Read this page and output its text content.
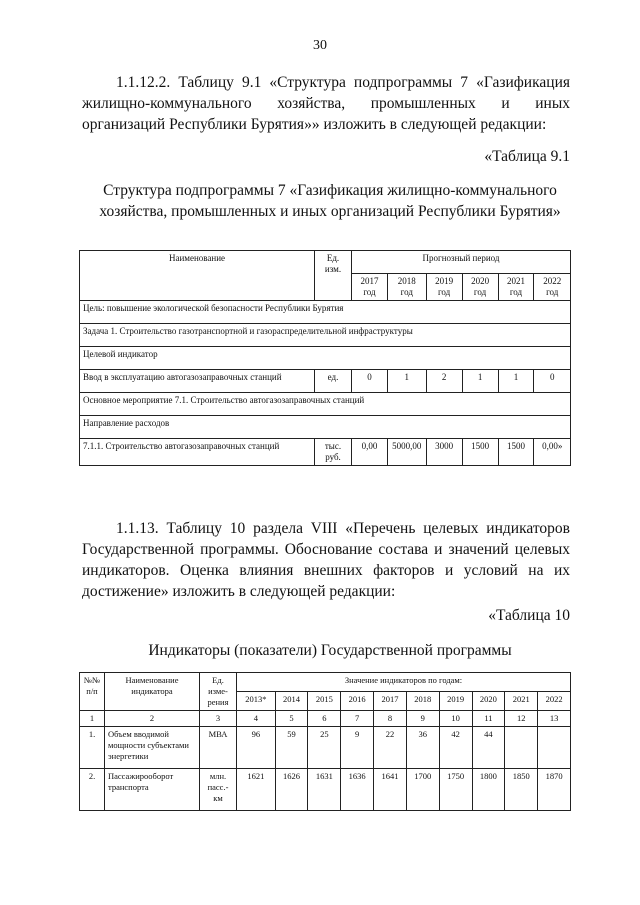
30
1.1.12.2. Таблицу 9.1 «Структура подпрограммы 7 «Газификация жилищно-коммунального хозяйства, промышленных и иных организаций Республики Бурятия»» изложить в следующей редакции:
«Таблица 9.1
Структура подпрограммы 7 «Газификация жилищно-коммунального хозяйства, промышленных и иных организаций Республики Бурятия»
Наименование	Ед. изм.	Прогнозный период					
		2017 год	2018 год	2019 год	2020 год	2021 год	2022 год
Цель: повышение экологической безопасности Республики Бурятия							
Задача 1. Строительство газотранспортной и газораспределительной инфраструктуры							
Целевой индикатор							
Ввод в эксплуатацию автогазозаправочных станций	ед.	0	1	2	1	1	0
Основное мероприятие 7.1. Строительство автогазозаправочных станций							
Направление расходов							
7.1.1. Строительство автогазозаправочных станций	тыс. руб.	0,00	5000,00	3000	1500	1500	0,00»
1.1.13. Таблицу 10 раздела VIII «Перечень целевых индикаторов Государственной программы. Обоснование состава и значений целевых индикаторов. Оценка влияния внешних факторов и условий на их достижение» изложить в следующей редакции:
«Таблица 10
Индикаторы (показатели) Государственной программы
№№ п/п	Наименование индикатора	Ед. изме-рения	Значение индикаторов по годам:									
			2013*	2014	2015	2016	2017	2018	2019	2020	2021	2022
1	2	3	4	5	6	7	8	9	10	11	12	13
1.	Объем вводимой мощности субъектами энергетики	МВА	96	59	25	9	22	36	42	44		
2.	Пассажирооборот транспорта	млн. пасс.-км	1621	1626	1631	1636	1641	1700	1750	1800	1850	1870
